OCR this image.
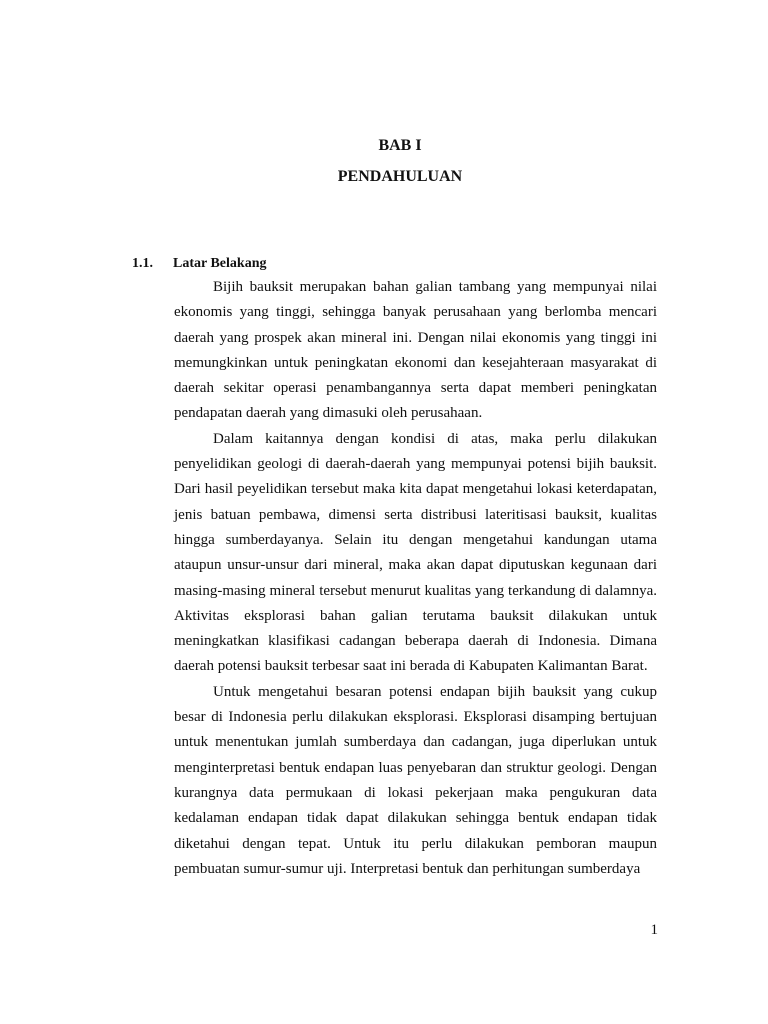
BAB I
PENDAHULUAN
1.1. Latar Belakang

Bijih bauksit merupakan bahan galian tambang yang mempunyai nilai ekonomis yang tinggi, sehingga banyak perusahaan yang berlomba mencari daerah yang prospek akan mineral ini. Dengan nilai ekonomis yang tinggi ini memungkinkan untuk peningkatan ekonomi dan kesejahteraan masyarakat di daerah sekitar operasi penambangannya serta dapat memberi peningkatan pendapatan daerah yang dimasuki oleh perusahaan.

Dalam kaitannya dengan kondisi di atas, maka perlu dilakukan penyelidikan geologi di daerah-daerah yang mempunyai potensi bijih bauksit. Dari hasil peyelidikan tersebut maka kita dapat mengetahui lokasi keterdapatan, jenis batuan pembawa, dimensi serta distribusi lateritisasi bauksit, kualitas hingga sumberdayanya. Selain itu dengan mengetahui kandungan utama ataupun unsur-unsur dari mineral, maka akan dapat diputuskan kegunaan dari masing-masing mineral tersebut menurut kualitas yang terkandung di dalamnya. Aktivitas eksplorasi bahan galian terutama bauksit dilakukan untuk meningkatkan klasifikasi cadangan beberapa daerah di Indonesia. Dimana daerah potensi bauksit terbesar saat ini berada di Kabupaten Kalimantan Barat.

Untuk mengetahui besaran potensi endapan bijih bauksit yang cukup besar di Indonesia perlu dilakukan eksplorasi. Eksplorasi disamping bertujuan untuk menentukan jumlah sumberdaya dan cadangan, juga diperlukan untuk menginterpretasi bentuk endapan luas penyebaran dan struktur geologi. Dengan kurangnya data permukaan di lokasi pekerjaan maka pengukuran data kedalaman endapan tidak dapat dilakukan sehingga bentuk endapan tidak diketahui dengan tepat. Untuk itu perlu dilakukan pemboran maupun pembuatan sumur-sumur uji. Interpretasi bentuk dan perhitungan sumberdaya

1
